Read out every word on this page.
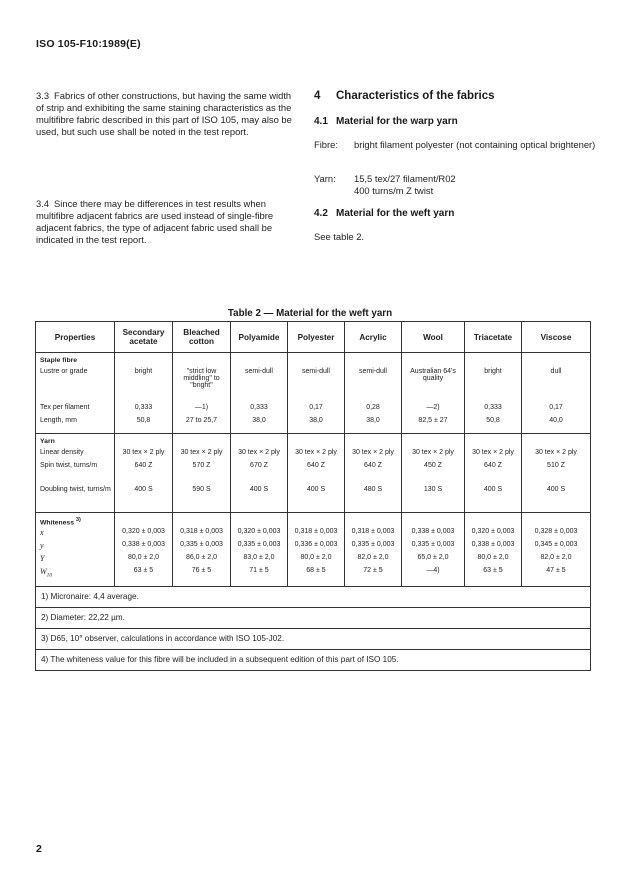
ISO 105-F10:1989(E)
3.3 Fabrics of other constructions, but having the same width of strip and exhibiting the same staining characteristics as the multifibre fabric described in this part of ISO 105, may also be used, but such use shall be noted in the test report.
3.4 Since there may be differences in test results when multifibre adjacent fabrics are used instead of single-fibre adjacent fabrics, the type of adjacent fabric used shall be indicated in the test report.
4 Characteristics of the fabrics
4.1 Material for the warp yarn
Fibre: bright filament polyester (not containing optical brightener)
Yarn: 15,5 tex/27 filament/R02
400 turns/m Z twist
4.2 Material for the weft yarn
See table 2.
Table 2 — Material for the weft yarn
Properties	Secondary acetate	Bleached cotton	Polyamide	Polyester	Acrylic	Wool	Triacetate	Viscose
Staple fibre								
Lustre or grade	bright	"strict low middling" to "bright"	semi-dull	semi-dull	semi-dull	Australian 64's quality	bright	dull
Tex per filament	0,333	—1)	0,333	0,17	0,28	—2)	0,333	0,17
Length, mm	50,8	27 to 25,7	38,0	38,0	38,0	82,5 ± 27	50,8	40,0
Yarn								
Linear density	30 tex × 2 ply	30 tex × 2 ply	30 tex × 2 ply	30 tex × 2 ply	30 tex × 2 ply	30 tex × 2 ply	30 tex × 2 ply	30 tex × 2 ply
Spin twist, turns/m	640 Z	570 Z	670 Z	640 Z	640 Z	450 Z	640 Z	510 Z
Doubling twist, turns/m	400 S	590 S	400 S	400 S	480 S	130 S	400 S	400 S
Whiteness $^{3)}$								
x	0,320 ± 0,003	0,318 ± 0,003	0,320 ± 0,003	0,318 ± 0,003	0,318 ± 0,003	0,338 ± 0,003	0,320 ± 0,003	0,328 ± 0,003
y	0,338 ± 0,003	0,335 ± 0,003	0,335 ± 0,003	0,336 ± 0,003	0,335 ± 0,003	0,335 ± 0,003	0,338 ± 0,003	0,345 ± 0,003
Y	80,0 ± 2,0	86,0 ± 2,0	83,0 ± 2,0	80,0 ± 2,0	82,0 ± 2,0	65,0 ± 2,0	80,0 ± 2,0	82,0 ± 2,0
$W_{10}$	63 ± 5	76 ± 5	71 ± 5	68 ± 5	72 ± 5	—4)	63 ± 5	47 ± 5
1) Micronaire: 4,4 average.								
2) Diameter: 22,22 µm.								
3) D65, 10° observer, calculations in accordance with ISO 105-J02.								
4) The whiteness value for this fibre will be included in a subsequent edition of this part of ISO 105.								
2
